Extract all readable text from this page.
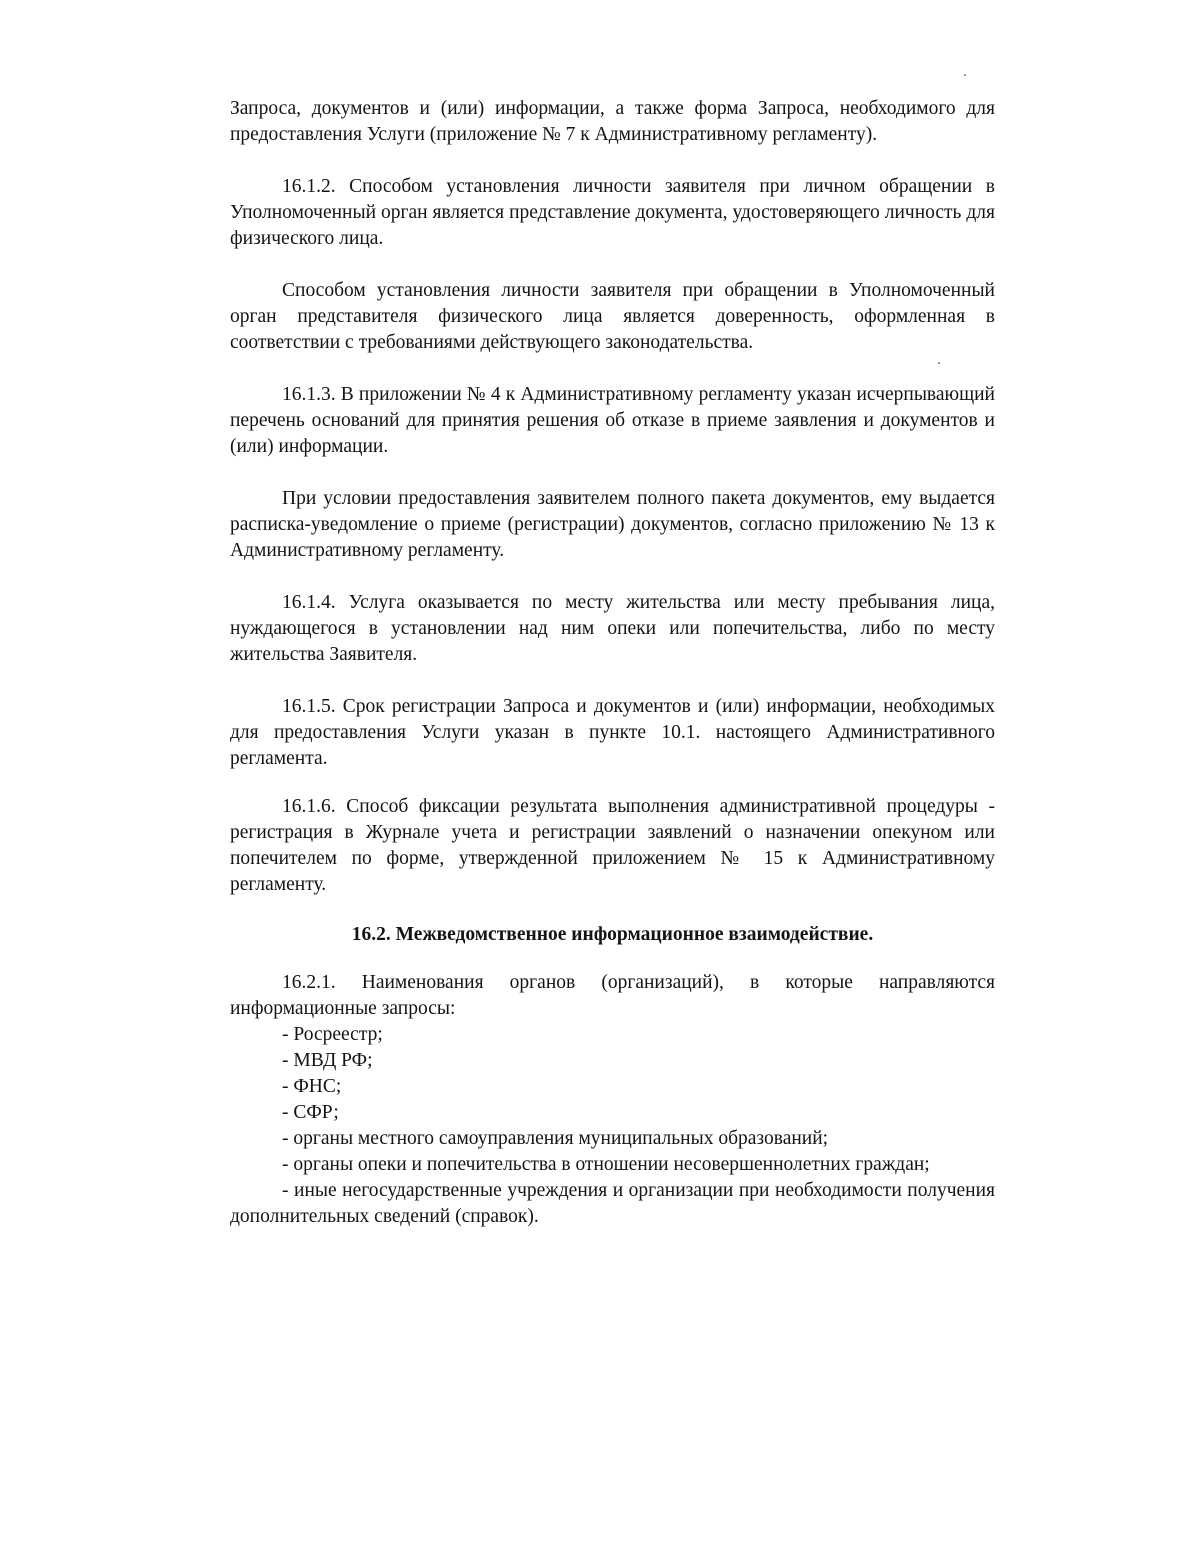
Запроса, документов и (или) информации, а также форма Запроса, необходимого для предоставления Услуги (приложение № 7 к Административному регламенту).

16.1.2. Способом установления личности заявителя при личном обращении в Уполномоченный орган является представление документа, удостоверяющего личность для физического лица.

Способом установления личности заявителя при обращении в Уполномоченный орган представителя физического лица является доверенность, оформленная в соответствии с требованиями действующего законодательства.

16.1.3. В приложении № 4 к Административному регламенту указан исчерпывающий перечень оснований для принятия решения об отказе в приеме заявления и документов и (или) информации.

При условии предоставления заявителем полного пакета документов, ему выдается расписка-уведомление о приеме (регистрации) документов, согласно приложению № 13 к Административному регламенту.

16.1.4. Услуга оказывается по месту жительства или месту пребывания лица, нуждающегося в установлении над ним опеки или попечительства, либо по месту жительства Заявителя.

16.1.5. Срок регистрации Запроса и документов и (или) информации, необходимых для предоставления Услуги указан в пункте 10.1. настоящего Административного регламента.

16.1.6. Способ фиксации результата выполнения административной процедуры - регистрация в Журнале учета и регистрации заявлений о назначении опекуном или попечителем по форме, утвержденной приложением № 15 к Административному регламенту.

16.2. Межведомственное информационное взаимодействие.

16.2.1. Наименования органов (организаций), в которые направляются информационные запросы:

- Росреестр;
- МВД РФ;
- ФНС;
- СФР;
- органы местного самоуправления муниципальных образований;
- органы опеки и попечительства в отношении несовершеннолетних граждан;
- иные негосударственные учреждения и организации при необходимости получения дополнительных сведений (справок).
